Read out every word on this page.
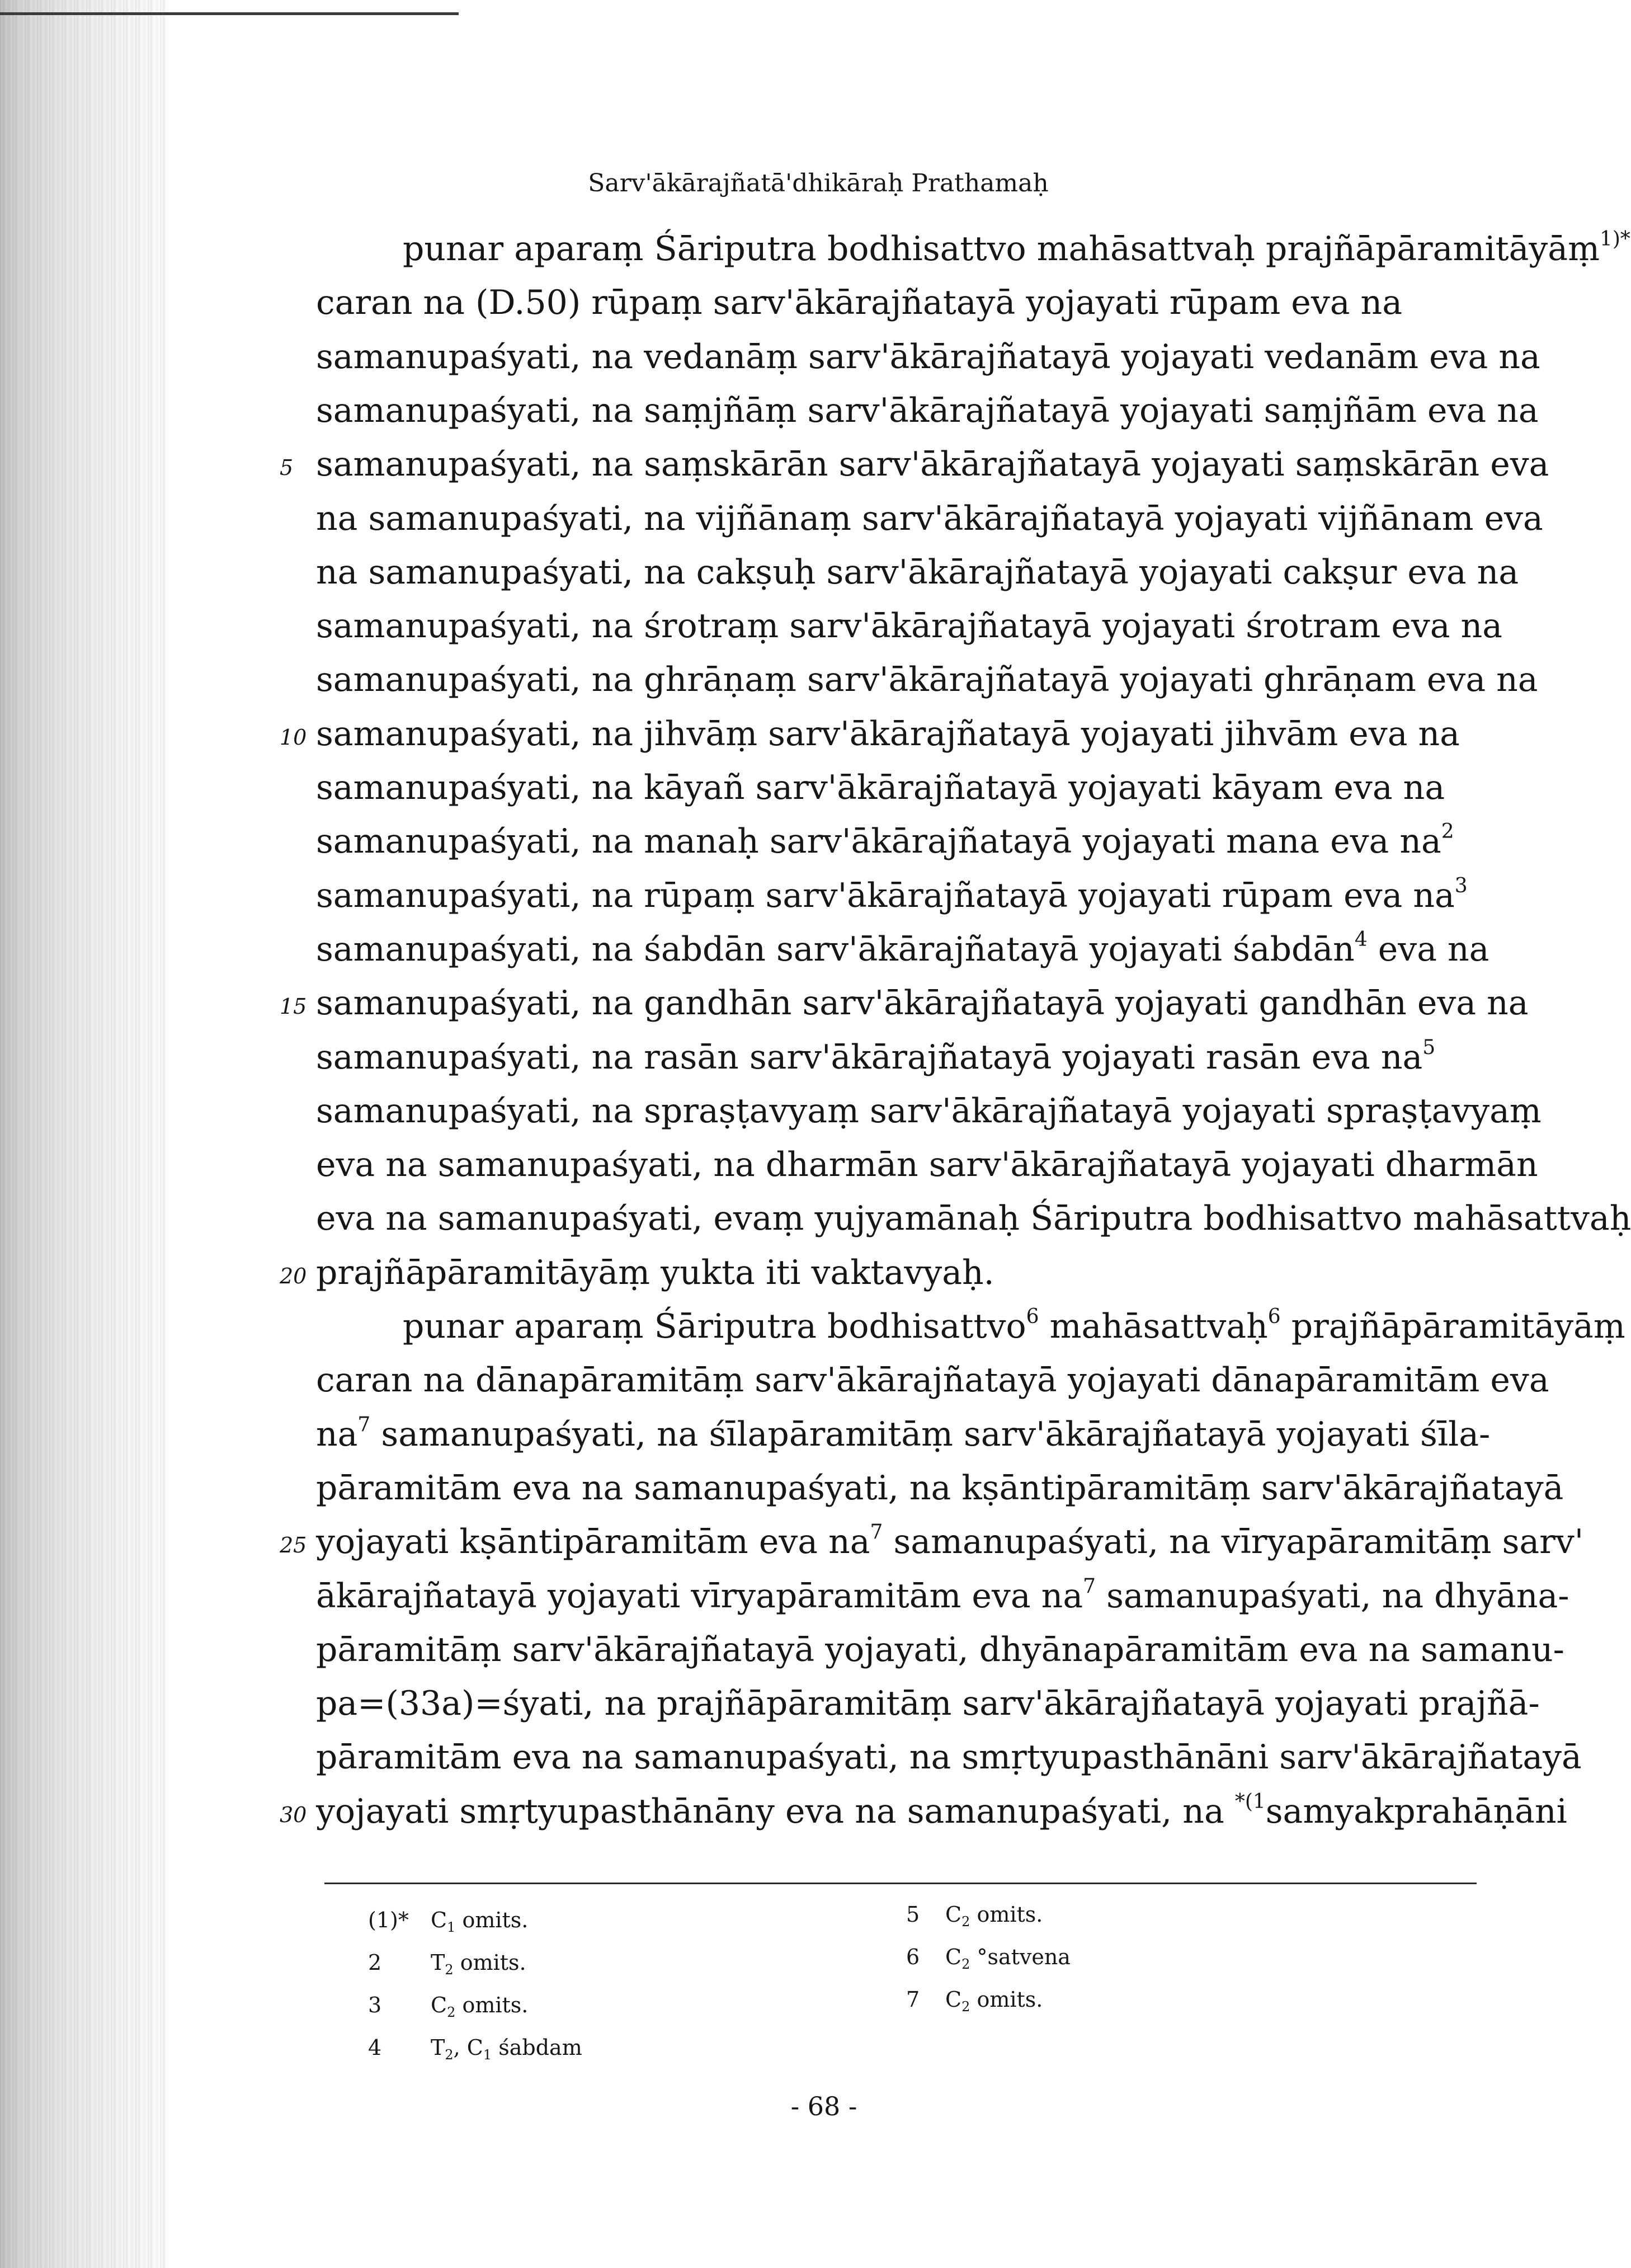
Sarv'ākārajñatā'dhikāraḥ Prathamaḥ
punar aparaṃ Śāriputra bodhisattvo mahāsattvaḥ prajñāpāramitāyāṃ$^{1)*}$
caran na (D.50) rūpaṃ sarv'ākārajñatayā yojayati rūpam eva na
samanupaśyati, na vedanāṃ sarv'ākārajñatayā yojayati vedanām eva na
samanupaśyati, na saṃjñāṃ sarv'ākārajñatayā yojayati saṃjñām eva na
samanupaśyati, na saṃskārān sarv'ākārajñatayā yojayati saṃskārān eva
5
na samanupaśyati, na vijñānaṃ sarv'ākārajñatayā yojayati vijñānam eva
na samanupaśyati, na cakṣuḥ sarv'ākārajñatayā yojayati cakṣur eva na
samanupaśyati, na śrotraṃ sarv'ākārajñatayā yojayati śrotram eva na
samanupaśyati, na ghrāṇaṃ sarv'ākārajñatayā yojayati ghrāṇam eva na
samanupaśyati, na jihvāṃ sarv'ākārajñatayā yojayati jihvām eva na
10
samanupaśyati, na kāyañ sarv'ākārajñatayā yojayati kāyam eva na
samanupaśyati, na manaḥ sarv'ākārajñatayā yojayati mana eva $na^2$
samanupaśyati, na rūpaṃ sarv'ākārajñatayā yojayati rūpam eva $na^3$
samanupaśyati, na śabdān sarv'ākārajñatayā yojayati śabdān$^4$ eva na
samanupaśyati, na gandhān sarv'ākārajñatayā yojayati gandhān eva na
15
samanupaśyati, na rasān sarv'ākārajñatayā yojayati rasān eva $na^5$
samanupaśyati, na spraṣṭavyaṃ sarv'ākārajñatayā yojayati spraṣṭavyaṃ
eva na samanupaśyati, na dharmān sarv'ākārajñatayā yojayati dharmān
eva na samanupaśyati, evaṃ yujyamānaḥ Śāriputra bodhisattvo mahāsattvaḥ
prajñāpāramitāyāṃ yukta iti vaktavyaḥ.
20
punar aparaṃ Śāriputra bodhisattvo$^6$ mahāsattvaḥ$^6$ prajñāpāramitāyāṃ
caran na dānapāramitāṃ sarv'ākārajñatayā yojayati dānapāramitām eva
$na^7$ samanupaśyati, na śīlapāramitāṃ sarv'ākārajñatayā yojayati śīla-
pāramitām eva na samanupaśyati, na kṣāntipāramitāṃ sarv'ākārajñatayā
yojayati kṣāntipāramitām eva $na^7$ samanupaśyati, na vīryapāramitāṃ sarv'
25
ākārajñatayā yojayati vīryapāramitām eva $na^7$ samanupaśyati, na dhyāna-
pāramitāṃ sarv'ākārajñatayā yojayati, dhyānapāramitām eva na samanu-
pa=(33a)=śyati, na prajñāpāramitāṃ sarv'ākārajñatayā yojayati prajñā-
pāramitām eva na samanupaśyati, na smṛtyupasthānāni sarv'ākārajñatayā
yojayati smṛtyupasthānāny eva na samanupaśyati, na $^{*(1}$samyakprahāṇāni
30
(1)* $C_1$ omits.
2 $T_2$ omits.
3 $C_2$ omits.
4 $T_2$, $C_1$ śabdam
5 $C_2$ omits.
6 $C_2$ °satvena
7 $C_2$ omits.
- 68 -
